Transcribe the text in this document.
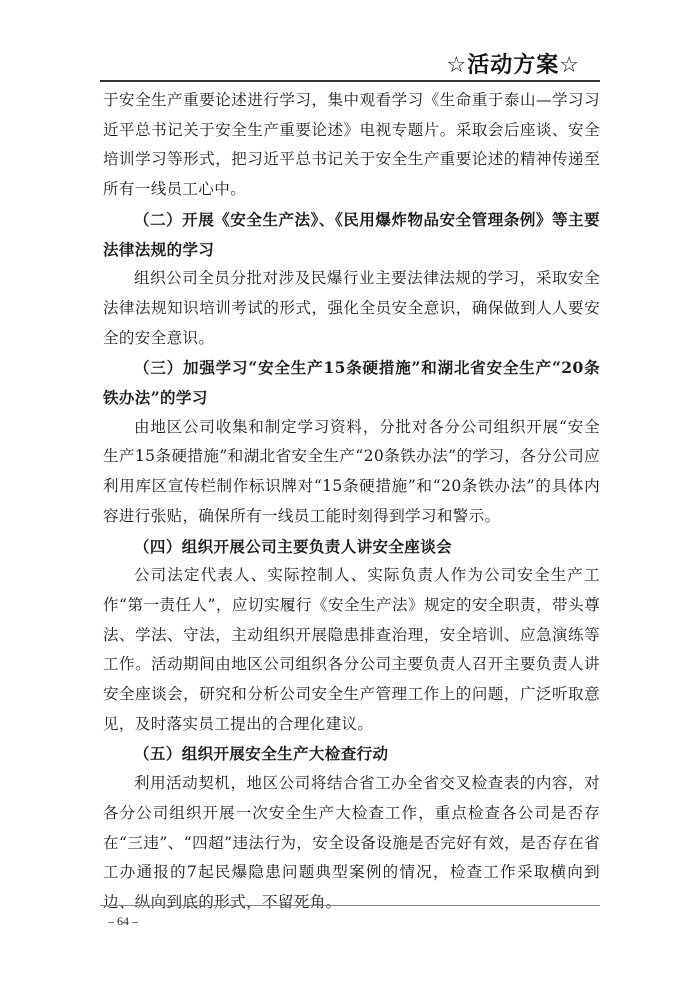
☆活动方案☆

于安全生产重要论述进行学习，集中观看学习《生命重于泰山—学习习近平总书记关于安全生产重要论述》电视专题片。采取会后座谈、安全培训学习等形式，把习近平总书记关于安全生产重要论述的精神传递至所有一线员工心中。

（二）开展《安全生产法》、《民用爆炸物品安全管理条例》等主要法律法规的学习

组织公司全员分批对涉及民爆行业主要法律法规的学习，采取安全法律法规知识培训考试的形式，强化全员安全意识，确保做到人人要安全的安全意识。

（三）加强学习“安全生产15条硬措施”和湖北省安全生产“20条铁办法”的学习

由地区公司收集和制定学习资料，分批对各分公司组织开展“安全生产15条硬措施”和湖北省安全生产“20条铁办法”的学习，各分公司应利用库区宣传栏制作标识牌对“15条硬措施”和“20条铁办法”的具体内容进行张贴，确保所有一线员工能时刻得到学习和警示。

（四）组织开展公司主要负责人讲安全座谈会

公司法定代表人、实际控制人、实际负责人作为公司安全生产工作“第一责任人”，应切实履行《安全生产法》规定的安全职责，带头尊法、学法、守法，主动组织开展隐患排查治理，安全培训、应急演练等工作。活动期间由地区公司组织各分公司主要负责人召开主要负责人讲安全座谈会，研究和分析公司安全生产管理工作上的问题，广泛听取意见，及时落实员工提出的合理化建议。

（五）组织开展安全生产大检查行动

利用活动契机，地区公司将结合省工办全省交叉检查表的内容，对各分公司组织开展一次安全生产大检查工作，重点检查各公司是否存在“三违”、“四超”违法行为，安全设备设施是否完好有效，是否存在省工办通报的7起民爆隐患问题典型案例的情况，检查工作采取横向到边、纵向到底的形式，不留死角。

– 64 –
